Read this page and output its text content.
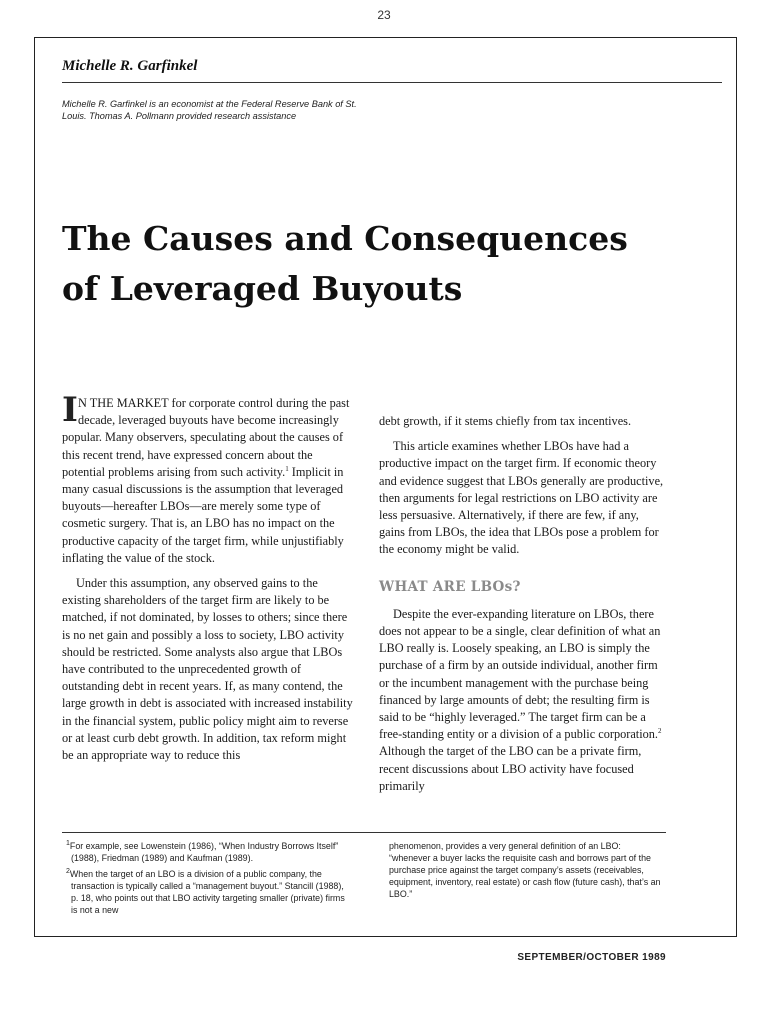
23
Michelle R. Garfinkel
Michelle R. Garfinkel is an economist at the Federal Reserve Bank of St. Louis. Thomas A. Pollmann provided research assistance
The Causes and Consequences
of Leveraged Buyouts

I N THE MARKET for corporate control during the past decade, leveraged buyouts have become increasingly popular. Many observers, speculating about the causes of this recent trend, have expressed concern about the potential problems arising from such activity.$^1$ Implicit in many casual discussions is the assumption that leveraged buyouts—hereafter LBOs—are merely some type of cosmetic surgery. That is, an LBO has no impact on the productive capacity of the target firm, while unjustifiably inflating the value of the stock.

Under this assumption, any observed gains to the existing shareholders of the target firm are likely to be matched, if not dominated, by losses to others; since there is no net gain and possibly a loss to society, LBO activity should be restricted. Some analysts also argue that LBOs have contributed to the unprecedented growth of outstanding debt in recent years. If, as many contend, the large growth in debt is associated with increased instability in the financial system, public policy might aim to reverse or at least curb debt growth. In addition, tax reform might be an appropriate way to reduce this

debt growth, if it stems chiefly from tax incentives.

This article examines whether LBOs have had a productive impact on the target firm. If economic theory and evidence suggest that LBOs generally are productive, then arguments for legal restrictions on LBO activity are less persuasive. Alternatively, if there are few, if any, gains from LBOs, the idea that LBOs pose a problem for the economy might be valid.

WHAT ARE LBOs?

Despite the ever-expanding literature on LBOs, there does not appear to be a single, clear definition of what an LBO really is. Loosely speaking, an LBO is simply the purchase of a firm by an outside individual, another firm or the incumbent management with the purchase being financed by large amounts of debt; the resulting firm is said to be “highly leveraged.” The target firm can be a free-standing entity or a division of a public corporation.$^2$ Although the target of the LBO can be a private firm, recent discussions about LBO activity have focused primarily

$^1$For example, see Lowenstein (1986), “When Industry Borrows Itself” (1988), Friedman (1989) and Kaufman (1989).

$^2$When the target of an LBO is a division of a public company, the transaction is typically called a “management buyout.” Stancill (1988), p. 18, who points out that LBO activity targeting smaller (private) firms is not a new

phenomenon, provides a very general definition of an LBO: “whenever a buyer lacks the requisite cash and borrows part of the purchase price against the target company’s assets (receivables, equipment, inventory, real estate) or cash flow (future cash), that’s an LBO.”

SEPTEMBER/OCTOBER 1989
